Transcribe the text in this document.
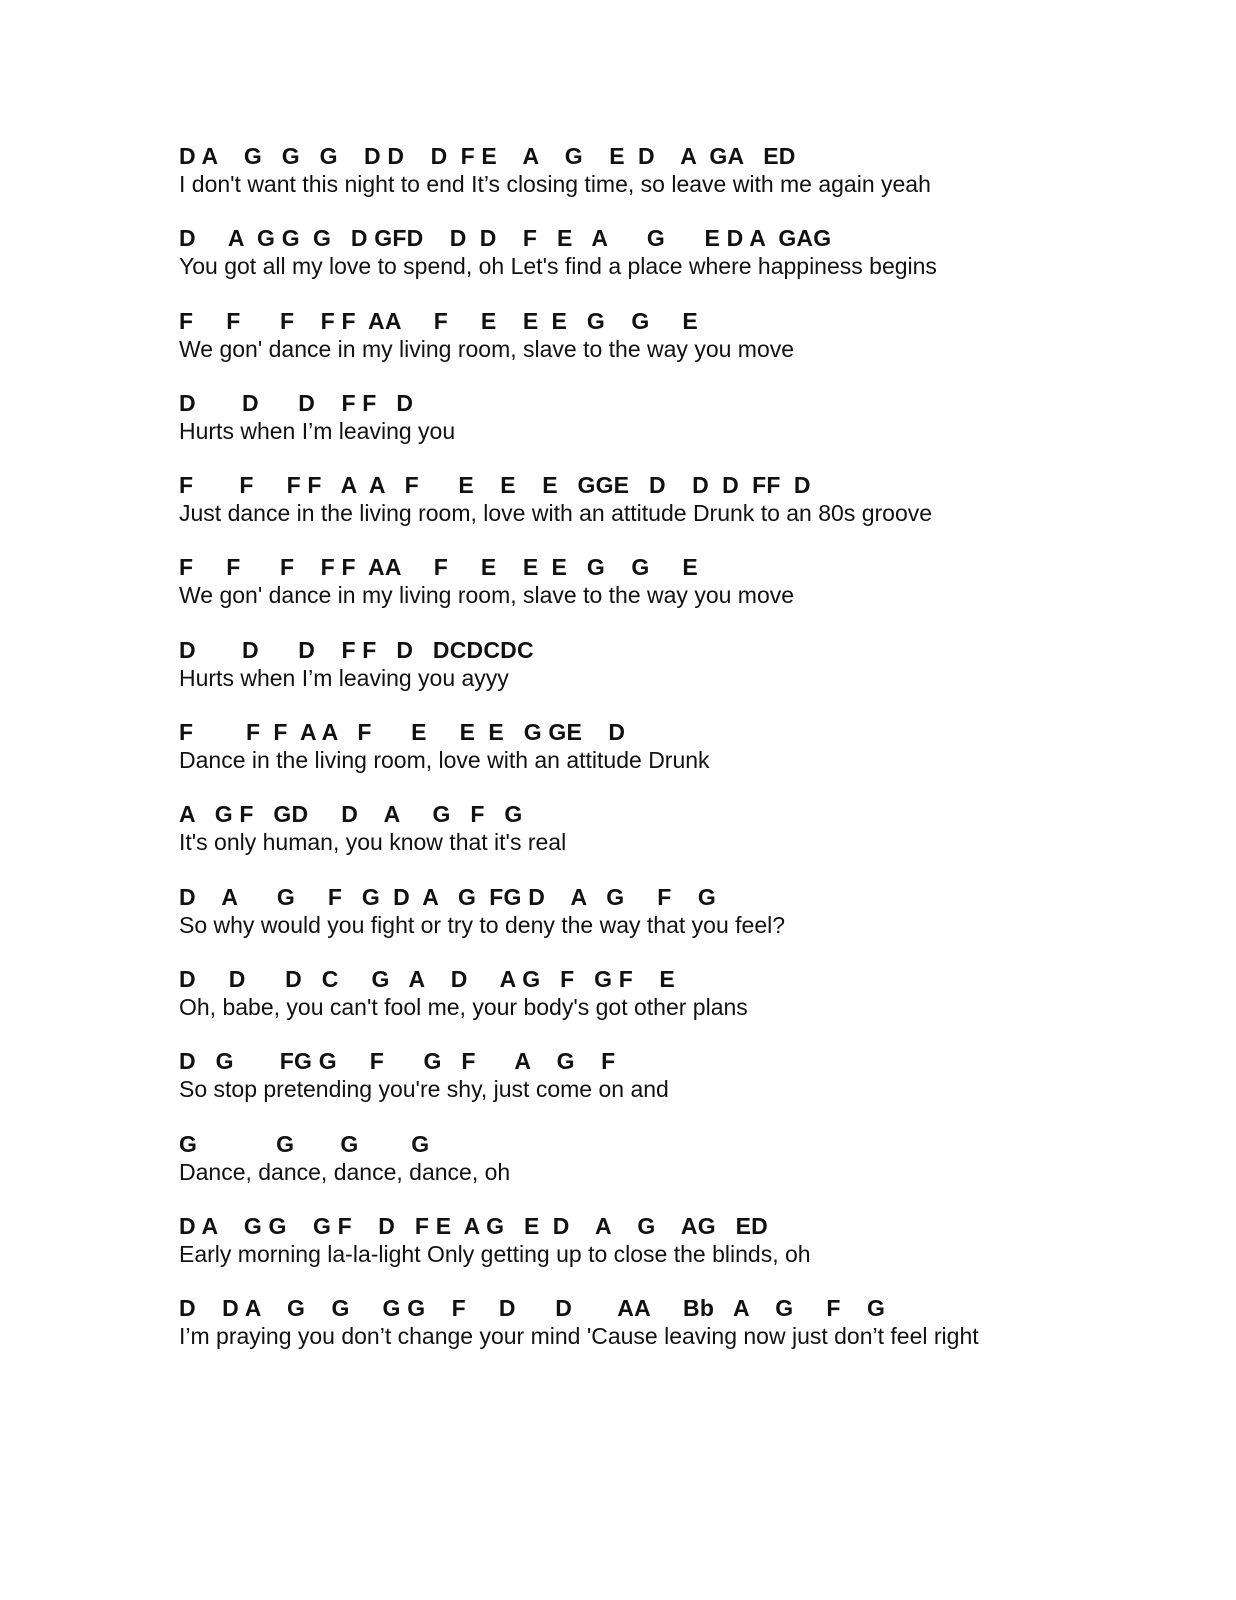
D A    G   G   G    D D    D  F E    A    G    E  D    A  GA   ED
I don't want this night to end It’s closing time, so leave with me again yeah
D     A  G G  G   D GFD    D  D    F   E   A      G      E D A  GAG
You got all my love to spend, oh Let's find a place where happiness begins
F     F      F    F F  AA     F     E    E  E   G    G     E
We gon' dance in my living room, slave to the way you move
D       D      D    F F   D
Hurts when I’m leaving you
F       F     F F   A  A   F      E    E    E   GGE   D    D  D  FF  D
Just dance in the living room, love with an attitude Drunk to an 80s groove
F     F      F    F F  AA     F     E    E  E   G    G     E
We gon' dance in my living room, slave to the way you move
D       D      D    F F   D   DCDCDC
Hurts when I’m leaving you ayyy
F        F  F  A A   F      E     E  E   G GE    D
Dance in the living room, love with an attitude Drunk
A   G F   GD     D    A     G   F   G
It's only human, you know that it's real
D    A      G     F   G  D  A   G  FG D    A   G     F    G
So why would you fight or try to deny the way that you feel?
D     D      D   C     G   A    D     A G   F   G F    E
Oh, babe, you can't fool me, your body's got other plans
D   G       FG G     F      G   F      A    G    F
So stop pretending you're shy, just come on and
G            G       G        G
Dance, dance, dance, dance, oh
D A    G G    G F    D   F E  A G   E  D    A    G    AG   ED
Early morning la-la-light Only getting up to close the blinds, oh
D    D A    G    G     G G    F     D      D       AA     Bb   A    G     F    G
I’m praying you don’t change your mind 'Cause leaving now just don’t feel right
